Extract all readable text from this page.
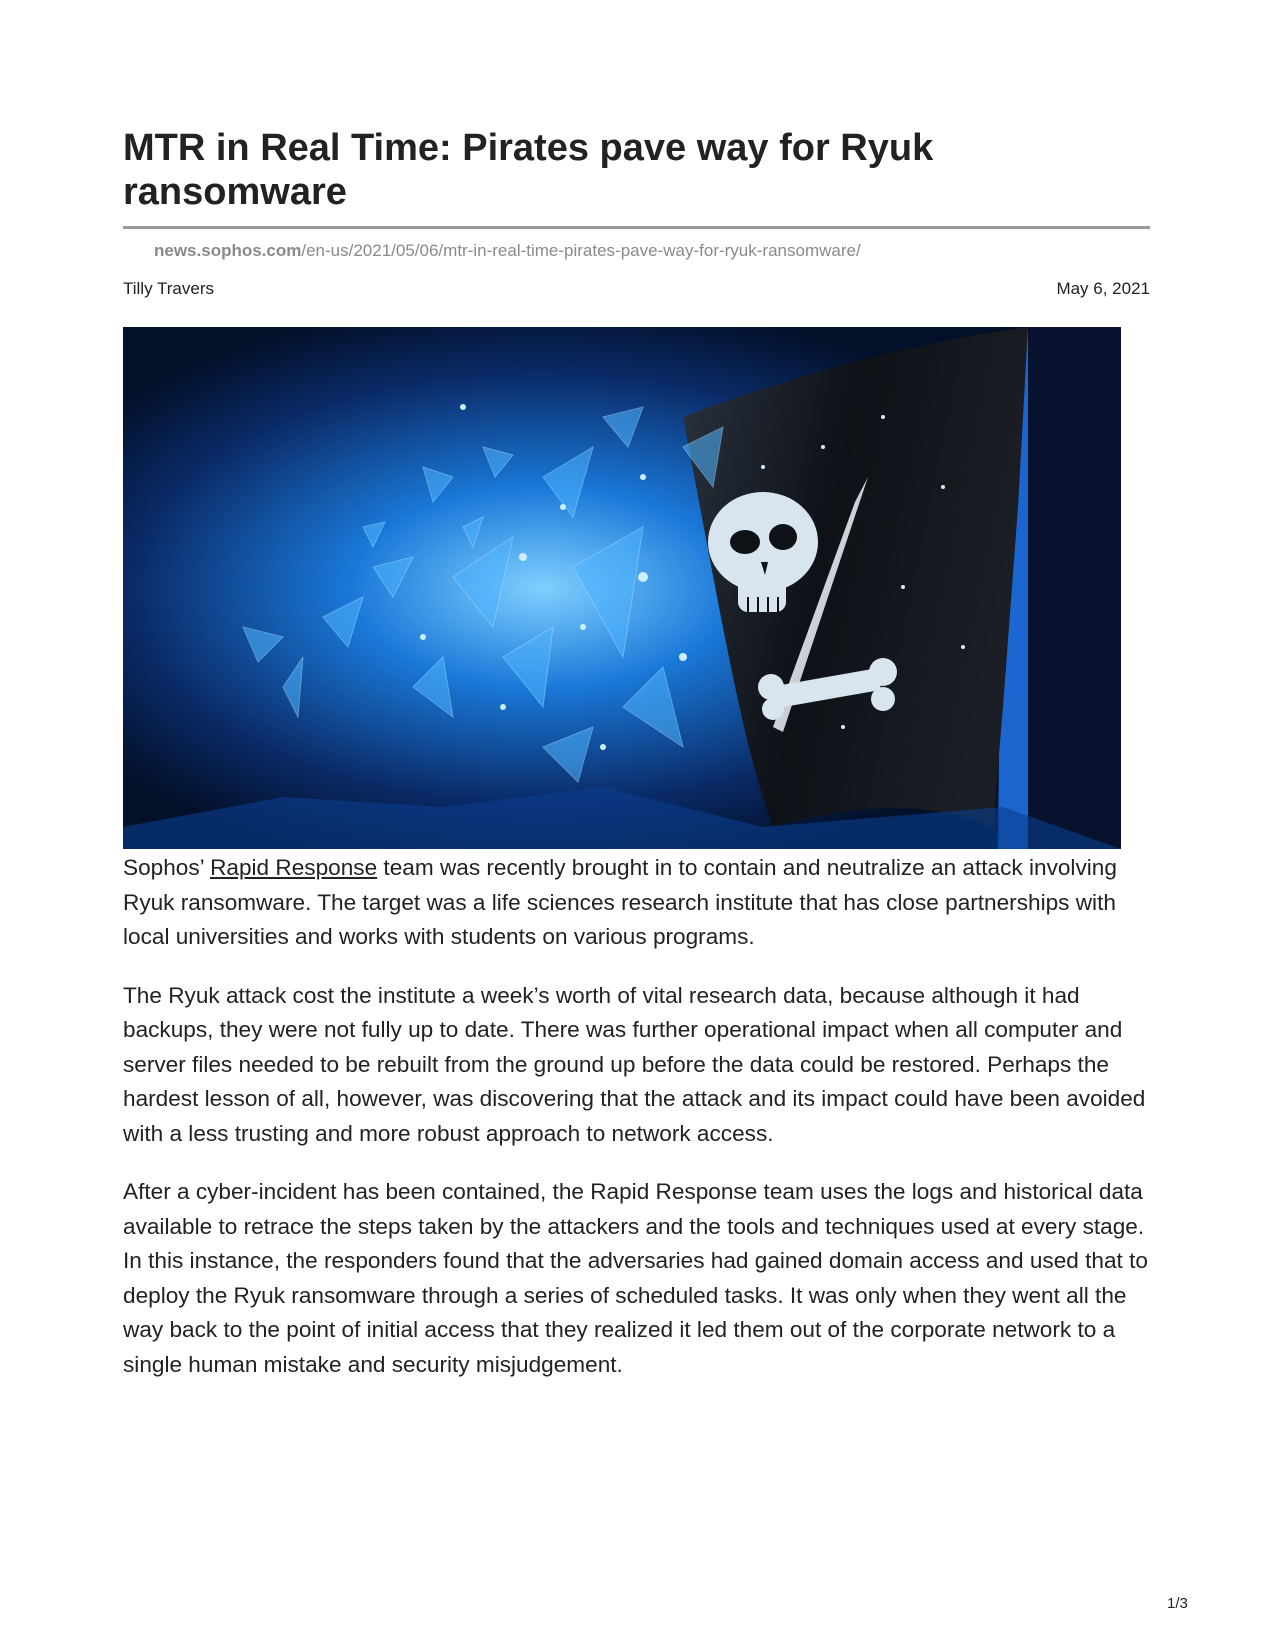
MTR in Real Time: Pirates pave way for Ryuk ransomware
news.sophos.com/en-us/2021/05/06/mtr-in-real-time-pirates-pave-way-for-ryuk-ransomware/
Tilly Travers	May 6, 2021

Sophos’ Rapid Response team was recently brought in to contain and neutralize an attack involving Ryuk ransomware. The target was a life sciences research institute that has close partnerships with local universities and works with students on various programs.

The Ryuk attack cost the institute a week’s worth of vital research data, because although it had backups, they were not fully up to date. There was further operational impact when all computer and server files needed to be rebuilt from the ground up before the data could be restored. Perhaps the hardest lesson of all, however, was discovering that the attack and its impact could have been avoided with a less trusting and more robust approach to network access.

After a cyber-incident has been contained, the Rapid Response team uses the logs and historical data available to retrace the steps taken by the attackers and the tools and techniques used at every stage. In this instance, the responders found that the adversaries had gained domain access and used that to deploy the Ryuk ransomware through a series of scheduled tasks. It was only when they went all the way back to the point of initial access that they realized it led them out of the corporate network to a single human mistake and security misjudgement.

1/3
